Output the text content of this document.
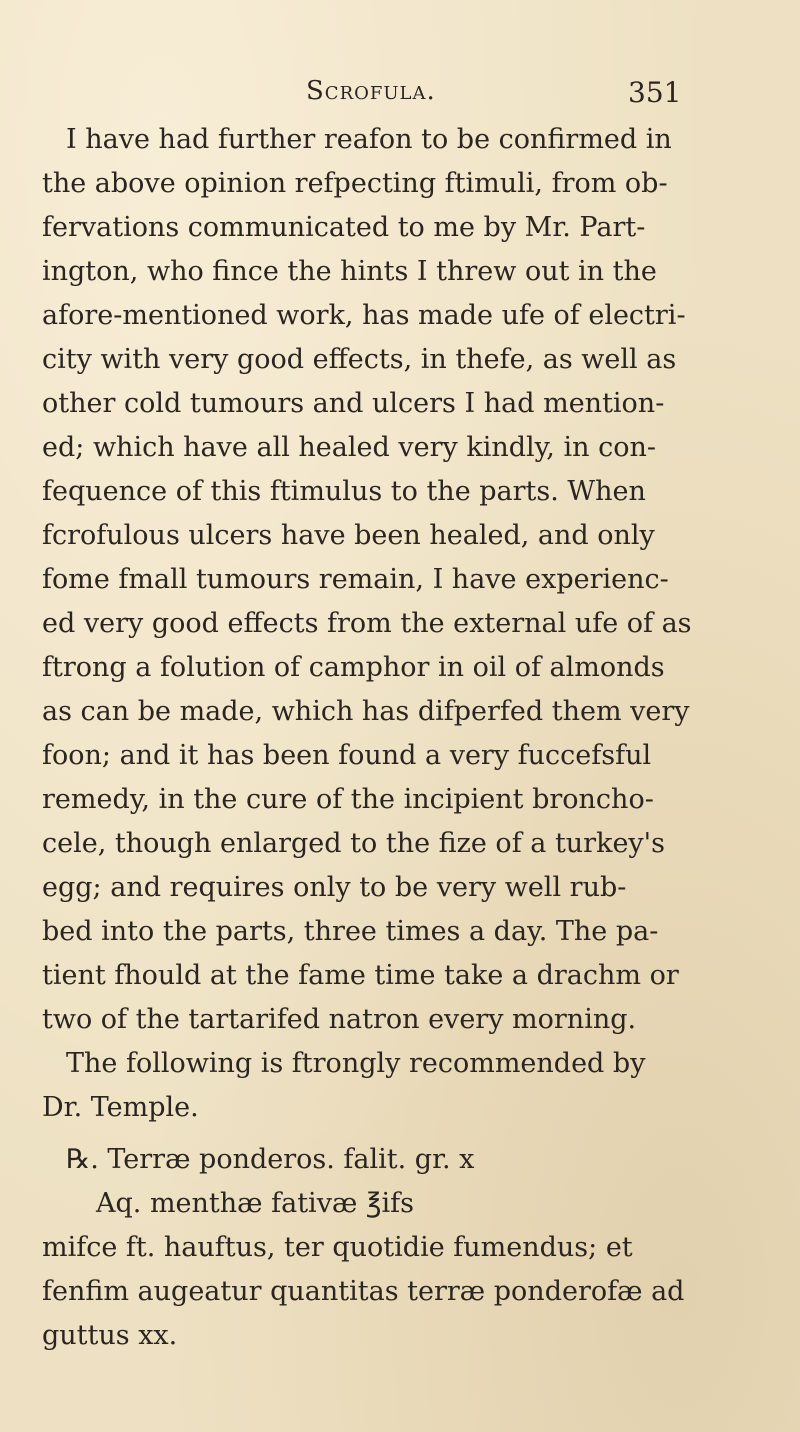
Scrofula.	351
I have had further reafon to be confirmed in
the above opinion refpecting ftimuli, from ob-
fervations communicated to me by Mr. Part-
ington, who fince the hints I threw out in the
afore-mentioned work, has made ufe of electri-
city with very good effects, in thefe, as well as
other cold tumours and ulcers I had mention-
ed; which have all healed very kindly, in con-
fequence of this ftimulus to the parts. When
fcrofulous ulcers have been healed, and only
fome fmall tumours remain, I have experienc-
ed very good effects from the external ufe of as
ftrong a folution of camphor in oil of almonds
as can be made, which has difperfed them very
foon; and it has been found a very fuccefsful
remedy, in the cure of the incipient broncho-
cele, though enlarged to the fize of a turkey's
egg; and requires only to be very well rub-
bed into the parts, three times a day. The pa-
tient fhould at the fame time take a drachm or
two of the tartarifed natron every morning.
The following is ftrongly recommended by
Dr. Temple.
℞. Terræ ponderos. falit. gr. x
Aq. menthæ fativæ ℥ifs
mifce ft. hauftus, ter quotidie fumendus; et
fenfim augeatur quantitas terræ ponderofæ ad
guttus xx.
